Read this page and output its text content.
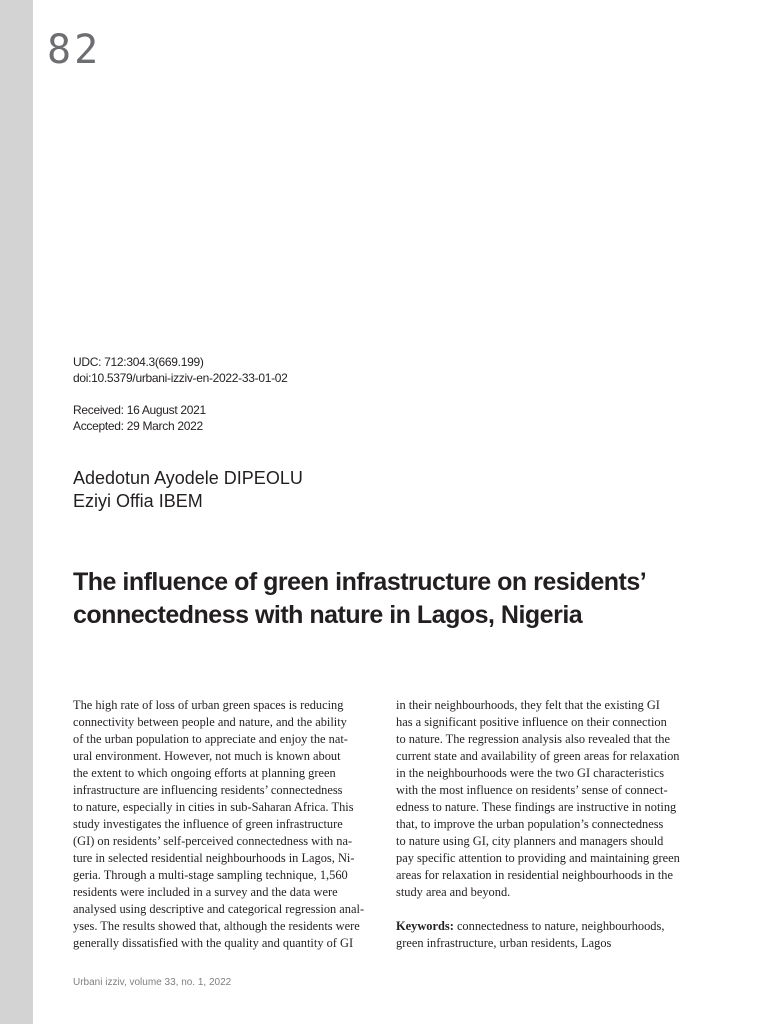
82
UDC: 712:304.3(669.199)
doi:10.5379/urbani-izziv-en-2022-33-01-02
Received: 16 August 2021
Accepted: 29 March 2022
Adedotun Ayodele DIPEOLU
Eziyi Offia IBEM
The influence of green infrastructure on residents’
connectedness with nature in Lagos, Nigeria

The high rate of loss of urban green spaces is reducing

connectivity between people and nature, and the ability

of the urban population to appreciate and enjoy the nat-

ural environment. However, not much is known about

the extent to which ongoing efforts at planning green

infrastructure are influencing residents’ connectedness

to nature, especially in cities in sub-Saharan Africa. This

study investigates the influence of green infrastructure

(GI) on residents’ self-perceived connectedness with na-

ture in selected residential neighbourhoods in Lagos, Ni-

geria. Through a multi-stage sampling technique, 1,560

residents were included in a survey and the data were

analysed using descriptive and categorical regression anal-

yses. The results showed that, although the residents were

generally dissatisfied with the quality and quantity of GI

in their neighbourhoods, they felt that the existing GI

has a significant positive influence on their connection

to nature. The regression analysis also revealed that the

current state and availability of green areas for relaxation

in the neighbourhoods were the two GI characteristics

with the most influence on residents’ sense of connect-

edness to nature. These findings are instructive in noting

that, to improve the urban population’s connectedness

to nature using GI, city planners and managers should

pay specific attention to providing and maintaining green

areas for relaxation in residential neighbourhoods in the

study area and beyond.

Keywords: connectedness to nature, neighbourhoods,

green infrastructure, urban residents, Lagos

Urbani izziv, volume 33, no. 1, 2022
